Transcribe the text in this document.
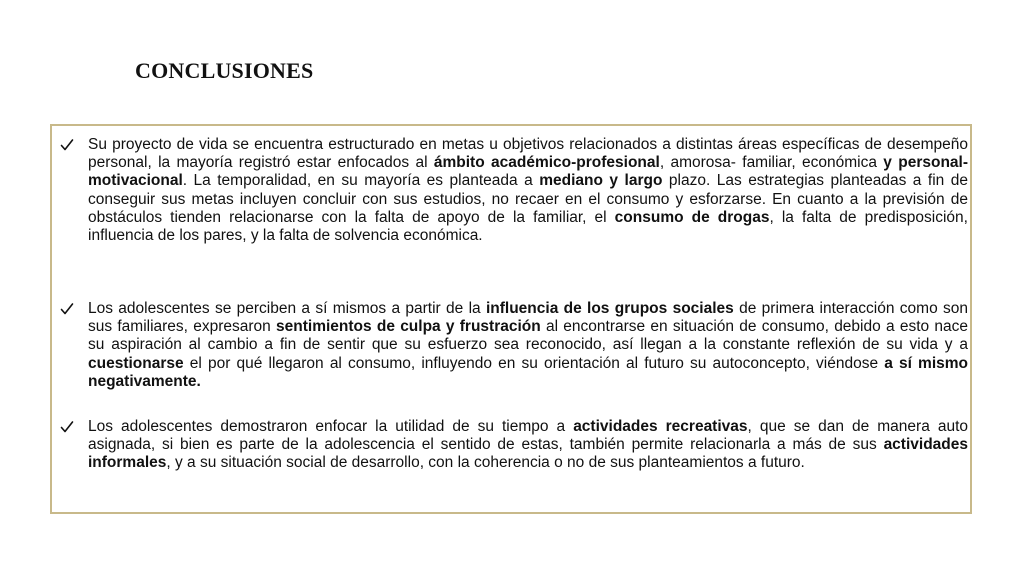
CONCLUSIONES
Su proyecto de vida se encuentra estructurado en metas u objetivos relacionados a distintas áreas específicas de desempeño personal, la mayoría registró estar enfocados al ámbito académico-profesional, amorosa- familiar, económica y personal-motivacional. La temporalidad, en su mayoría es planteada a mediano y largo plazo. Las estrategias planteadas a fin de conseguir sus metas incluyen concluir con sus estudios, no recaer en el consumo y esforzarse. En cuanto a la previsión de obstáculos tienden relacionarse con la falta de apoyo de la familiar, el consumo de drogas, la falta de predisposición, influencia de los pares, y la falta de solvencia económica.
Los adolescentes se perciben a sí mismos a partir de la influencia de los grupos sociales de primera interacción como son sus familiares, expresaron sentimientos de culpa y frustración al encontrarse en situación de consumo, debido a esto nace su aspiración al cambio a fin de sentir que su esfuerzo sea reconocido, así llegan a la constante reflexión de su vida y a cuestionarse el por qué llegaron al consumo, influyendo en su orientación al futuro su autoconcepto, viéndose a sí mismo negativamente.
Los adolescentes demostraron enfocar la utilidad de su tiempo a actividades recreativas, que se dan de manera auto asignada, si bien es parte de la adolescencia el sentido de estas, también permite relacionarla a más de sus actividades informales, y a su situación social de desarrollo, con la coherencia o no de sus planteamientos a futuro.
